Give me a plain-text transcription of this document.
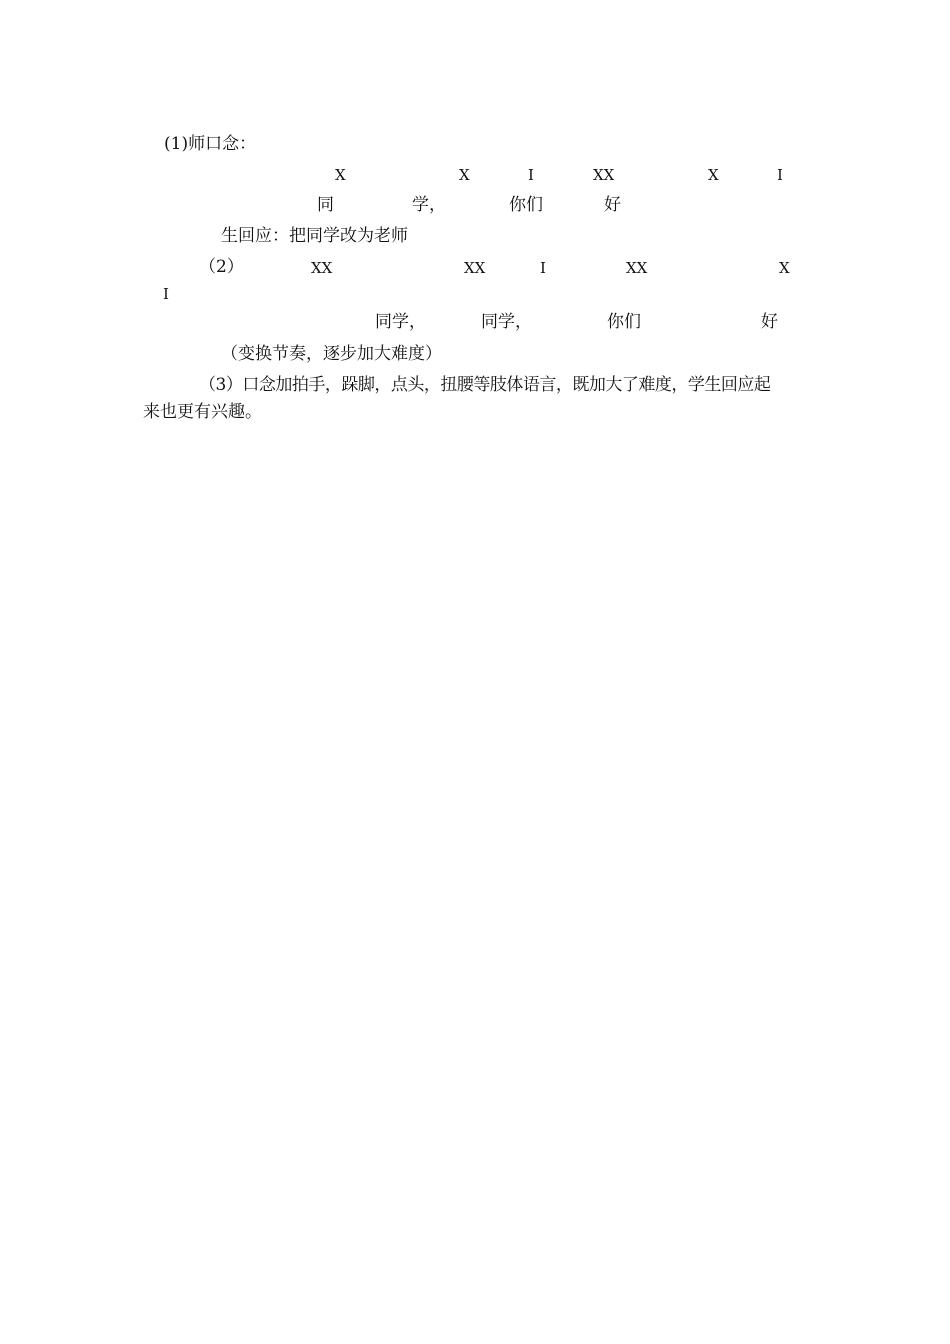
(1)师口念：
X	X	I	XX	X	I
同	学，	你们	好
生回应：把同学改为老师
（2）	XX	XX	I	XX	X
I
同学，	同学，	你们	好
（变换节奏，逐步加大难度）
（3）口念加拍手，跺脚，点头，扭腰等肢体语言，既加大了难度，学生回应起
来也更有兴趣。
